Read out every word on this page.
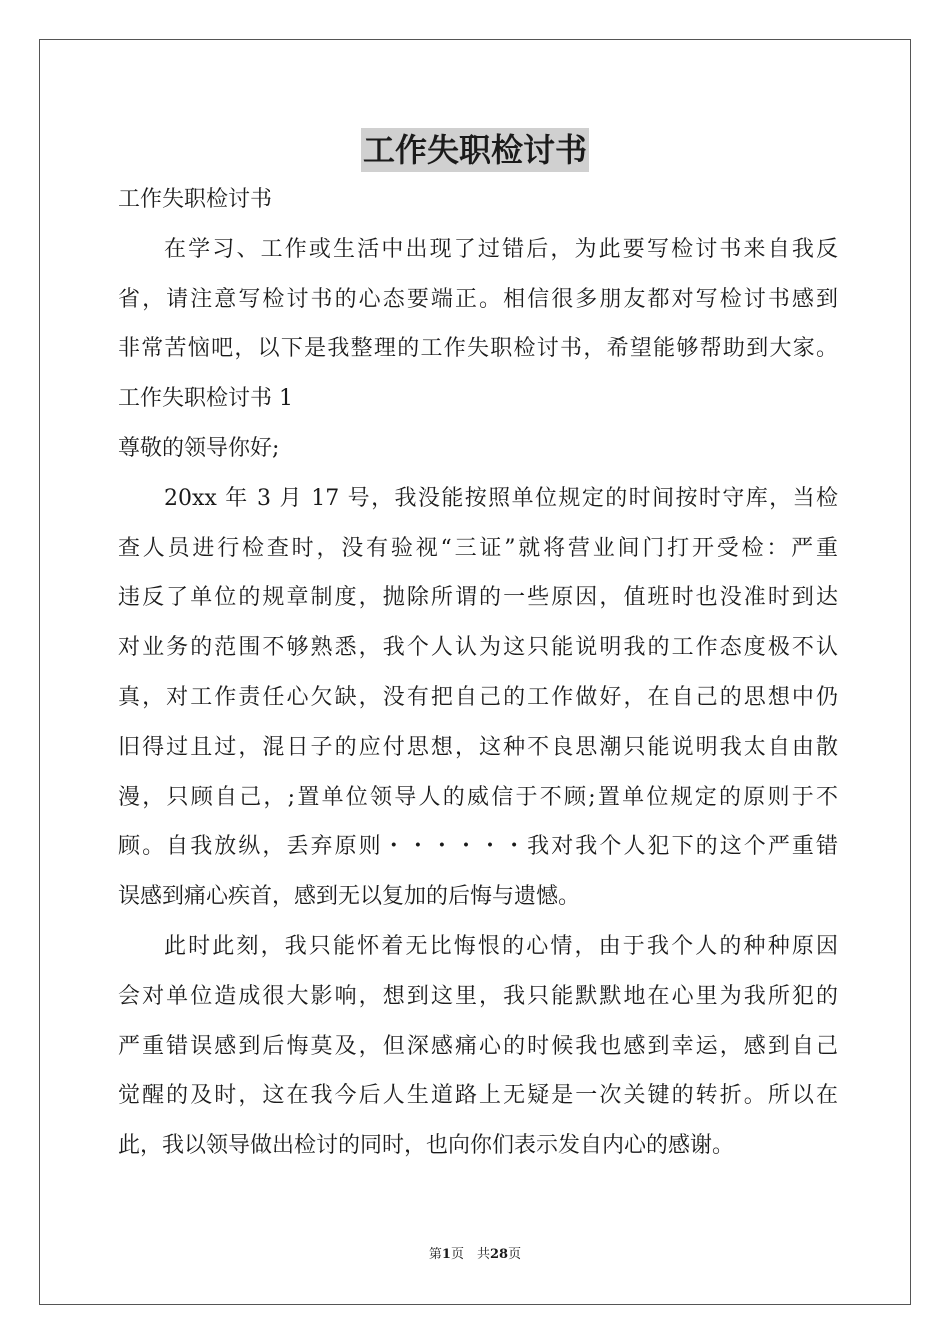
工作失职检讨书
工作失职检讨书
在学习、工作或生活中出现了过错后，为此要写检讨书来自我反
省，请注意写检讨书的心态要端正。相信很多朋友都对写检讨书感到
非常苦恼吧，以下是我整理的工作失职检讨书，希望能够帮助到大家。
工作失职检讨书 1
尊敬的领导你好;
20xx 年 3 月 17 号，我没能按照单位规定的时间按时守库，当检
查人员进行检查时，没有验视“三证”就将营业间门打开受检：严重
违反了单位的规章制度，抛除所谓的一些原因，值班时也没准时到达
对业务的范围不够熟悉，我个人认为这只能说明我的工作态度极不认
真，对工作责任心欠缺，没有把自己的工作做好，在自己的思想中仍
旧得过且过，混日子的应付思想，这种不良思潮只能说明我太自由散
漫，只顾自己，;置单位领导人的威信于不顾;置单位规定的原则于不
顾。自我放纵，丢弃原则・・・・・・我对我个人犯下的这个严重错
误感到痛心疾首，感到无以复加的后悔与遗憾。
此时此刻，我只能怀着无比悔恨的心情，由于我个人的种种原因
会对单位造成很大影响，想到这里，我只能默默地在心里为我所犯的
严重错误感到后悔莫及，但深感痛心的时候我也感到幸运，感到自己
觉醒的及时，这在我今后人生道路上无疑是一次关键的转折。所以在
此，我以领导做出检讨的同时，也向你们表示发自内心的感谢。
第1页　共28页
